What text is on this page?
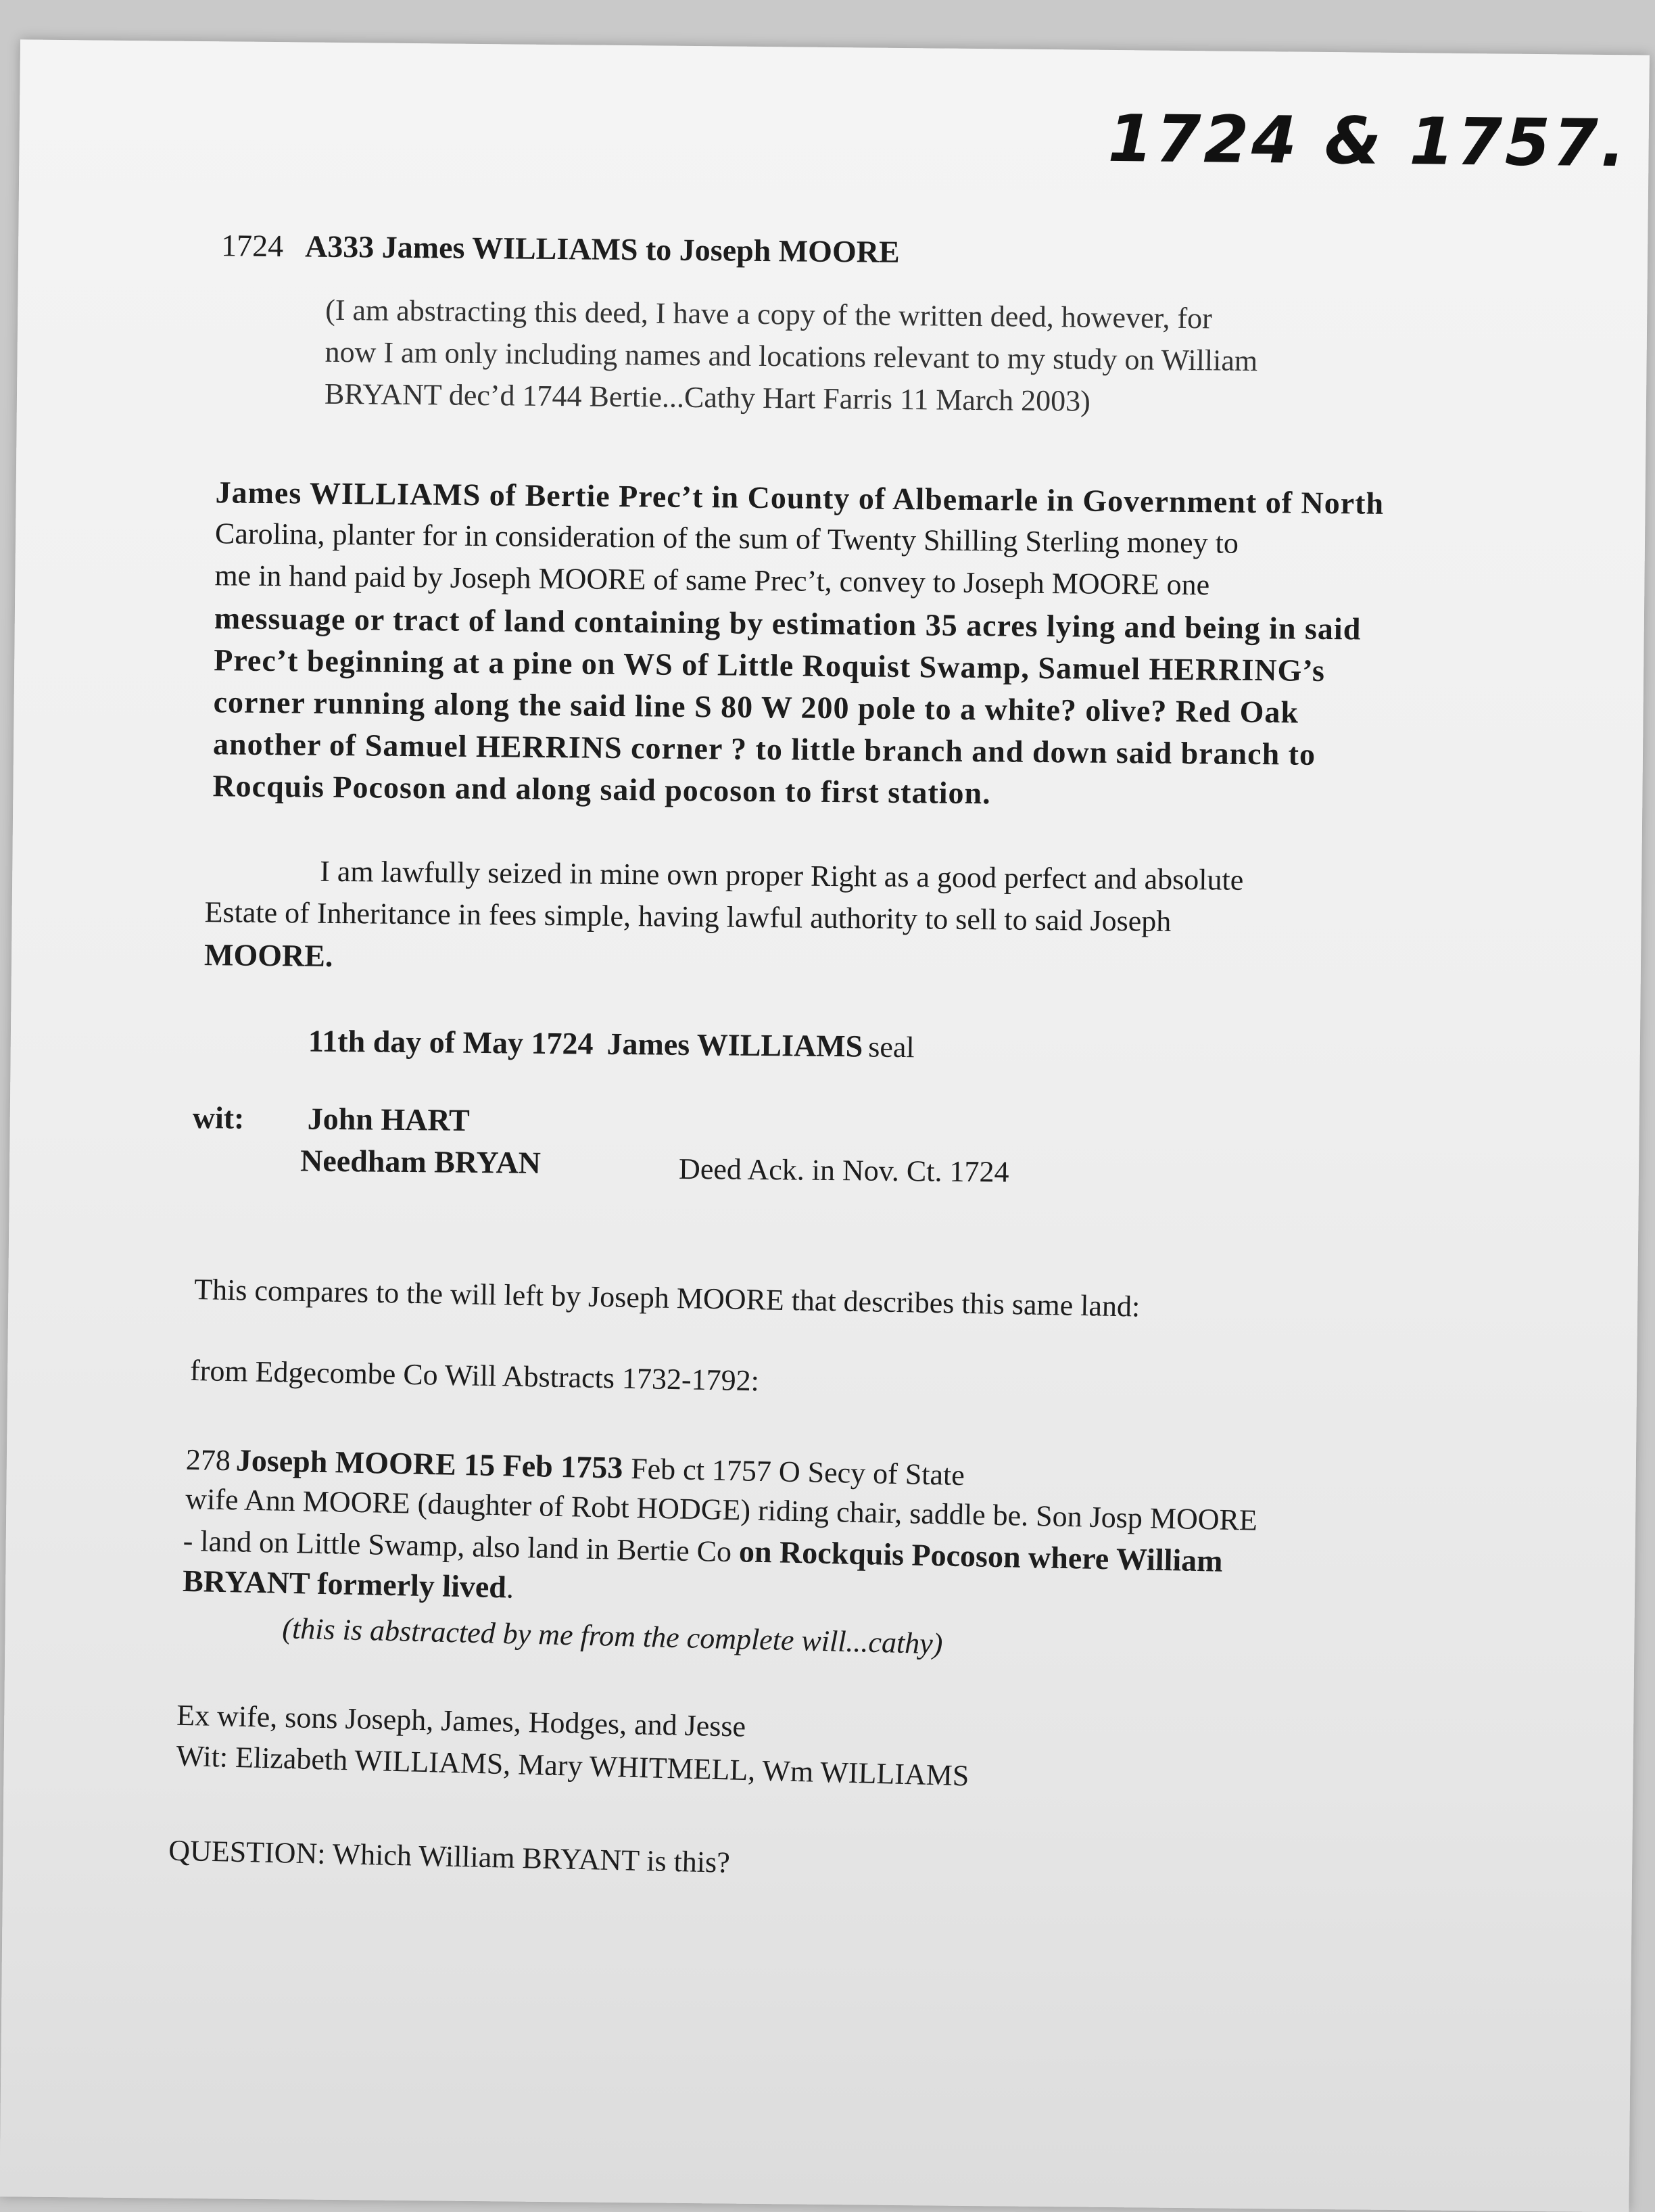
1724 & 1757.
1724 A333 James WILLIAMS to Joseph MOORE
(I am abstracting this deed, I have a copy of the written deed, however, for
now I am only including names and locations relevant to my study on William
BRYANT dec’d 1744 Bertie...Cathy Hart Farris 11 March 2003)
James WILLIAMS of Bertie Prec’t in County of Albemarle in Government of North
Carolina, planter for in consideration of the sum of Twenty Shilling Sterling money to
me in hand paid by Joseph MOORE of same Prec’t, convey to Joseph MOORE one
messuage or tract of land containing by estimation 35 acres lying and being in said
Prec’t beginning at a pine on WS of Little Roquist Swamp, Samuel HERRING’s
corner running along the said line S 80 W 200 pole to a white? olive? Red Oak
another of Samuel HERRINS corner ? to little branch and down said branch to
Rocquis Pocoson and along said pocoson to first station.
I am lawfully seized in mine own proper Right as a good perfect and absolute
Estate of Inheritance in fees simple, having lawful authority to sell to said Joseph
MOORE.
11th day of May 1724 James WILLIAMS seal
wit: John HART
Needham BRYAN	Deed Ack. in Nov. Ct. 1724
This compares to the will left by Joseph MOORE that describes this same land:
from Edgecombe Co Will Abstracts 1732-1792:
278 Joseph MOORE 15 Feb 1753 Feb ct 1757 O Secy of State
wife Ann MOORE (daughter of Robt HODGE) riding chair, saddle be. Son Josp MOORE
- land on Little Swamp, also land in Bertie Co on Rockquis Pocoson where William
BRYANT formerly lived.
(this is abstracted by me from the complete will...cathy)
Ex wife, sons Joseph, James, Hodges, and Jesse
Wit: Elizabeth WILLIAMS, Mary WHITMELL, Wm WILLIAMS
QUESTION: Which William BRYANT is this?
